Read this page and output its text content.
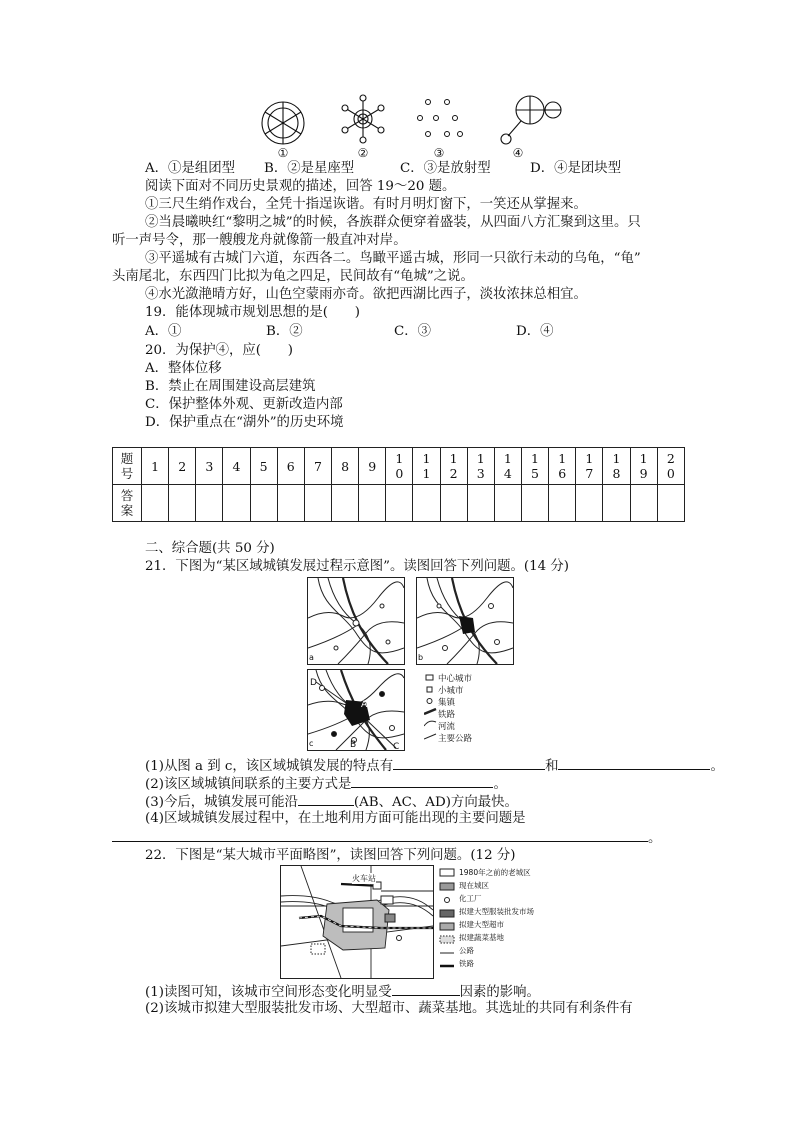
①	②	③	④
A．①是组团型 B．②是星座型	C．③是放射型	D．④是团块型
阅读下面对不同历史景观的描述，回答 19～20 题。
①三尺生绡作戏台，全凭十指逞诙谐。有时月明灯窗下，一笑还从掌握来。
②当晨曦映红“黎明之城”的时候，各族群众便穿着盛装，从四面八方汇聚到这里。只
听一声号令，那一艘艘龙舟就像箭一般直冲对岸。
③平遥城有古城门六道，东西各二。鸟瞰平遥古城，形同一只欲行未动的乌龟，“龟”
头南尾北，东西四门比拟为龟之四足，民间故有“龟城”之说。
④水光潋滟晴方好，山色空蒙雨亦奇。欲把西湖比西子，淡妆浓抹总相宜。
19．能体现城市规划思想的是(　　)
A．①	B．②	C．③	D．④
20．为保护④，应(　　)
A．整体位移
B．禁止在周围建设高层建筑
C．保护整体外观、更新改造内部
D．保护重点在“湖外”的历史环境
题号	1	2	3	4	5	6	7	8	9	10	11	12	13	14	15	16	17	18	19	20
答案																				
二、综合题(共 50 分)
21．下图为“某区域城镇发展过程示意图”。读图回答下列问题。(14 分)
a	b
c
D
A
B	C
中心城市
小城市
集镇
铁路
河流
主要公路
(1)从图 a 到 c，该区域城镇发展的特点有	和	。
(2)该区域城镇间联系的主要方式是	。
(3)今后，城镇发展可能沿	(AB、AC、AD)方向最快。
(4)区域城镇发展过程中，在土地利用方面可能出现的主要问题是
。
22．下图是“某大城市平面略图”，读图回答下列问题。(12 分)
火车站
1980年之前的老城区
现在城区
化工厂
拟建大型服装批发市场
拟建大型超市
拟建蔬菜基地
公路
铁路
(1)读图可知，该城市空间形态变化明显受	因素的影响。
(2)该城市拟建大型服装批发市场、大型超市、蔬菜基地。其选址的共同有利条件有
